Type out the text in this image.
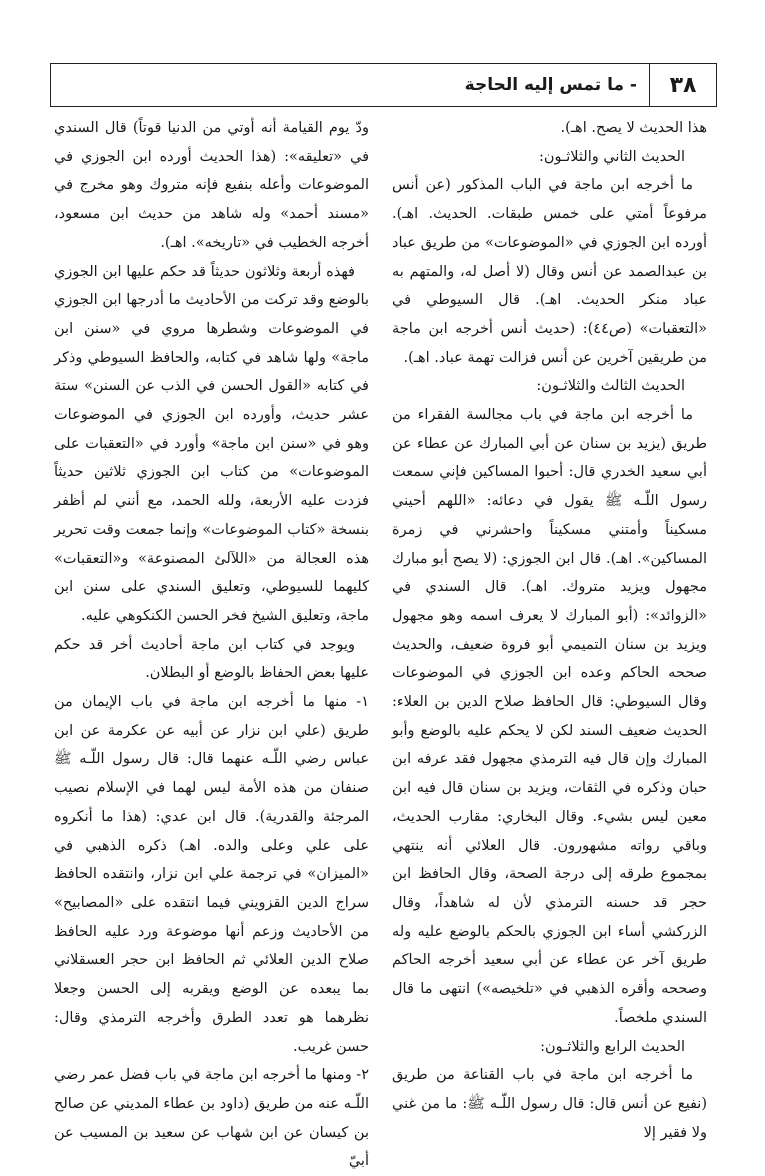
٣٨
- ما تمس إليه الحاجة

هذا الحديث لا يصح. اهـ).

الحديث الثاني والثلاثـون:

ما أخرجه ابن ماجة في الباب المذكور (عن أنس مرفوعاً أمتي على خمس طبقات. الحديث. اهـ). أورده ابن الجوزي في «الموضوعات» من طريق عباد بن عبدالصمد عن أنس وقال (لا أصل له، والمتهم به عباد منكر الحديث. اهـ). قال السيوطي في «التعقبات» (ص٤٤): (حديث أنس أخرجه ابن ماجة من طريقين آخرين عن أنس فزالت تهمة عباد. اهـ).

الحديث الثالث والثلاثـون:

ما أخرجه ابن ماجة في باب مجالسة الفقراء من طريق (يزيد بن سنان عن أبي المبارك عن عطاء عن أبي سعيد الخدري قال: أحبوا المساكين فإني سمعت رسول اللّـه ﷺ يقول في دعائه: «اللهم أحيني مسكيناً وأمتني مسكيناً واحشرني في زمرة المساكين». اهـ). قال ابن الجوزي: (لا يصح أبو مبارك مجهول ويزيد متروك. اهـ). قال السندي في «الزوائد»: (أبو المبارك لا يعرف اسمه وهو مجهول ويزيد بن سنان التميمي أبو فروة ضعيف، والحديث صححه الحاكم وعده ابن الجوزي في الموضوعات وقال السيوطي: قال الحافظ صلاح الدين بن العلاء: الحديث ضعيف السند لكن لا يحكم عليه بالوضع وأبو المبارك وإن قال فيه الترمذي مجهول فقد عرفه ابن حبان وذكره في الثقات، ويزيد بن سنان قال فيه ابن معين ليس بشيء. وقال البخاري: مقارب الحديث، وباقي رواته مشهورون. قال العلائي أنه ينتهي بمجموع طرقه إلى درجة الصحة، وقال الحافظ ابن حجر قد حسنه الترمذي لأن له شاهداً، وقال الزركشي أساء ابن الجوزي بالحكم بالوضع عليه وله طريق آخر عن عطاء عن أبي سعيد أخرجه الحاكم وصححه وأقره الذهبي في «تلخيصه») انتهى ما قال السندي ملخصاً.

الحديث الرابع والثلاثـون:

ما أخرجه ابن ماجة في باب القناعة من طريق (نفيع عن أنس قال: قال رسول اللّـه ﷺ: ما من غني ولا فقير إلا

ودّ يوم القيامة أنه أوتي من الدنيا قوتاً) قال السندي في «تعليقه»: (هذا الحديث أورده ابن الجوزي في الموضوعات وأعله بنفيع فإنه متروك وهو مخرج في «مسند أحمد» وله شاهد من حديث ابن مسعود، أخرجه الخطيب في «تاريخه». اهـ).

فهذه أربعة وثلاثون حديثاً قد حكم عليها ابن الجوزي بالوضع وقد تركت من الأحاديث ما أدرجها ابن الجوزي في الموضوعات وشطرها مروي في «سنن ابن ماجة» ولها شاهد في كتابه، والحافظ السيوطي وذكر في كتابه «القول الحسن في الذب عن السنن» ستة عشر حديث، وأورده ابن الجوزي في الموضوعات وهو في «سنن ابن ماجة» وأورد في «التعقبات على الموضوعات» من كتاب ابن الجوزي ثلاثين حديثاً فزدت عليه الأربعة، ولله الحمد، مع أنني لم أظفر بنسخة «كتاب الموضوعات» وإنما جمعت وقت تحرير هذه العجالة من «اللآلئ المصنوعة» و«التعقبات» كليهما للسيوطي، وتعليق السندي على سنن ابن ماجة، وتعليق الشيخ فخر الحسن الكنكوهي عليه.

ويوجد في كتاب ابن ماجة أحاديث أخر قد حكم عليها بعض الحفاظ بالوضع أو البطلان.

١- منها ما أخرجه ابن ماجة في باب الإيمان من طريق (علي ابن نزار عن أبيه عن عكرمة عن ابن عباس رضي اللّـه عنهما قال: قال رسول اللّـه ﷺ صنفان من هذه الأمة ليس لهما في الإسلام نصيب المرجئة والقدرية). قال ابن عدي: (هذا ما أنكروه على علي وعلى والده. اهـ) ذكره الذهبي في «الميزان» في ترجمة علي ابن نزار، وانتقده الحافظ سراج الدين القزويني فيما انتقده على «المصابيح» من الأحاديث وزعم أنها موضوعة ورد عليه الحافظ صلاح الدين العلائي ثم الحافظ ابن حجر العسقلاني بما يبعده عن الوضع ويقربه إلى الحسن وجعلا نظرهما هو تعدد الطرق وأخرجه الترمذي وقال: حسن غريب.

٢- ومنها ما أخرجه ابن ماجة في باب فضل عمر رضي اللّـه عنه من طريق (داود بن عطاء المديني عن صالح بن كيسان عن ابن شهاب عن سعيد بن المسيب عن أبيّ
